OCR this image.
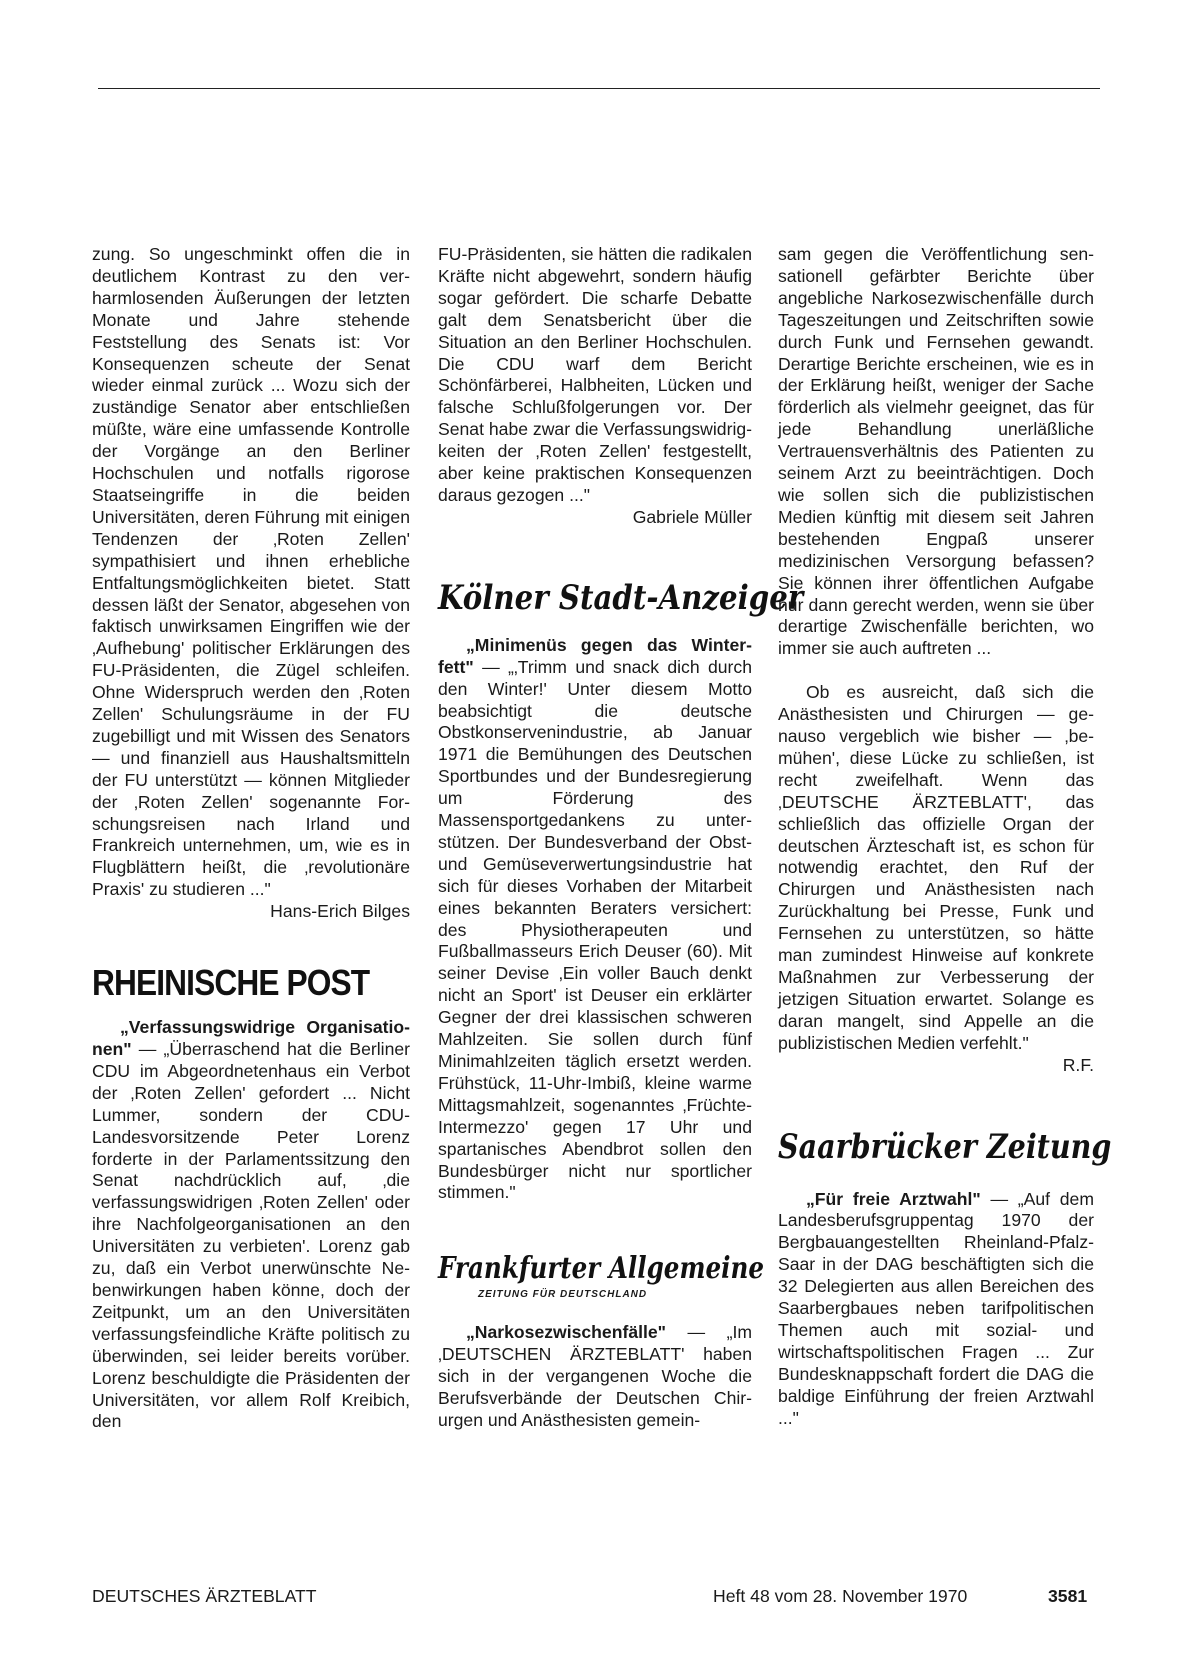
zung. So ungeschminkt offen die in deutlichem Kontrast zu den verharmlosenden Äußerungen der letzten Monate und Jahre stehende Feststellung des Senats ist: Vor Konsequenzen scheute der Senat wieder einmal zurück ... Wozu sich der zuständige Senator aber entschließen müßte, wäre eine umfassende Kontrolle der Vorgänge an den Berliner Hochschulen und notfalls rigorose Staatseingriffe in die beiden Universitäten, deren Führung mit einigen Tendenzen der ‚Roten Zellen' sympathisiert und ihnen erhebliche Entfaltungsmöglichkeiten bietet. Statt dessen läßt der Senator, abgesehen von faktisch unwirksamen Eingriffen wie der ‚Aufhebung' politischer Erklärungen des FU-Präsidenten, die Zügel schleifen. Ohne Widerspruch werden den ‚Roten Zellen' Schulungsräume in der FU zugebilligt und mit Wissen des Senators — und finanziell aus Haushaltsmitteln der FU unterstützt — können Mitglieder der ‚Roten Zellen' sogenannte Forschungsreisen nach Irland und Frankreich unternehmen, um, wie es in Flugblättern heißt, die ‚revolutionäre Praxis' zu studieren ..."
Hans-Erich Bilges

RHEINISCHE POST

„Verfassungswidrige Organisationen" — „Überraschend hat die Berliner CDU im Abgeordnetenhaus ein Verbot der ‚Roten Zellen' gefordert ... Nicht Lummer, sondern der CDU-Landesvorsitzende Peter Lorenz forderte in der Parlamentssitzung den Senat nachdrücklich auf, ‚die verfassungswidrigen ‚Roten Zellen' oder ihre Nachfolgeorganisationen an den Universitäten zu verbieten'. Lorenz gab zu, daß ein Verbot unerwünschte Nebenwirkungen haben könne, doch der Zeitpunkt, um an den Universitäten verfassungsfeindliche Kräfte politisch zu überwinden, sei leider bereits vorüber. Lorenz beschuldigte die Präsidenten der Universitäten, vor allem Rolf Kreibich, den

FU-Präsidenten, sie hätten die radikalen Kräfte nicht abgewehrt, sondern häufig sogar gefördert. Die scharfe Debatte galt dem Senatsbericht über die Situation an den Berliner Hochschulen. Die CDU warf dem Bericht Schönfärberei, Halbheiten, Lücken und falsche Schlußfolgerungen vor. Der Senat habe zwar die Verfassungswidrigkeiten der ‚Roten Zellen' festgestellt, aber keine praktischen Konsequenzen daraus gezogen ..."
Gabriele Müller

Kölner Stadt-Anzeiger

„Minimenüs gegen das Winterfett" — „‚Trimm und snack dich durch den Winter!' Unter diesem Motto beabsichtigt die deutsche Obstkonservenindustrie, ab Januar 1971 die Bemühungen des Deutschen Sportbundes und der Bundesregierung um Förderung des Massensportgedankens zu unterstützen. Der Bundesverband der Obst- und Gemüseverwertungsindustrie hat sich für dieses Vorhaben der Mitarbeit eines bekannten Beraters versichert: des Physiotherapeuten und Fußballmasseurs Erich Deuser (60). Mit seiner Devise ‚Ein voller Bauch denkt nicht an Sport' ist Deuser ein erklärter Gegner der drei klassischen schweren Mahlzeiten. Sie sollen durch fünf Minimahlzeiten täglich ersetzt werden. Frühstück, 11-Uhr-Imbiß, kleine warme Mittagsmahlzeit, sogenanntes ‚Früchte-Intermezzo' gegen 17 Uhr und spartanisches Abendbrot sollen den Bundesbürger nicht nur sportlicher stimmen."

Frankfurter Allgemeine
ZEITUNG FÜR DEUTSCHLAND

„Narkosezwischenfälle" — „Im ‚DEUTSCHEN ÄRZTEBLATT' haben sich in der vergangenen Woche die Berufsverbände der Deutschen Chirurgen und Anästhesisten gemein-

sam gegen die Veröffentlichung sensationell gefärbter Berichte über angebliche Narkosezwischenfälle durch Tageszeitungen und Zeitschriften sowie durch Funk und Fernsehen gewandt. Derartige Berichte erscheinen, wie es in der Erklärung heißt, weniger der Sache förderlich als vielmehr geeignet, das für jede Behandlung unerläßliche Vertrauensverhältnis des Patienten zu seinem Arzt zu beeinträchtigen. Doch wie sollen sich die publizistischen Medien künftig mit diesem seit Jahren bestehenden Engpaß unserer medizinischen Versorgung befassen? Sie können ihrer öffentlichen Aufgabe nur dann gerecht werden, wenn sie über derartige Zwischenfälle berichten, wo immer sie auch auftreten ...

Ob es ausreicht, daß sich die Anästhesisten und Chirurgen — genauso vergeblich wie bisher — ‚bemühen', diese Lücke zu schließen, ist recht zweifelhaft. Wenn das ‚DEUTSCHE ÄRZTEBLATT', das schließlich das offizielle Organ der deutschen Ärzteschaft ist, es schon für notwendig erachtet, den Ruf der Chirurgen und Anästhesisten nach Zurückhaltung bei Presse, Funk und Fernsehen zu unterstützen, so hätte man zumindest Hinweise auf konkrete Maßnahmen zur Verbesserung der jetzigen Situation erwartet. Solange es daran mangelt, sind Appelle an die publizistischen Medien verfehlt."
R.F.

Saarbrücker Zeitung

„Für freie Arztwahl" — „Auf dem Landesberufsgruppentag 1970 der Bergbauangestellten Rheinland-Pfalz-Saar in der DAG beschäftigten sich die 32 Delegierten aus allen Bereichen des Saarbergbaues neben tarifpolitischen Themen auch mit sozial- und wirtschaftspolitischen Fragen ... Zur Bundesknappschaft fordert die DAG die baldige Einführung der freien Arztwahl ..."

DEUTSCHES ÄRZTEBLATT	Heft 48 vom 28. November 1970	3581
